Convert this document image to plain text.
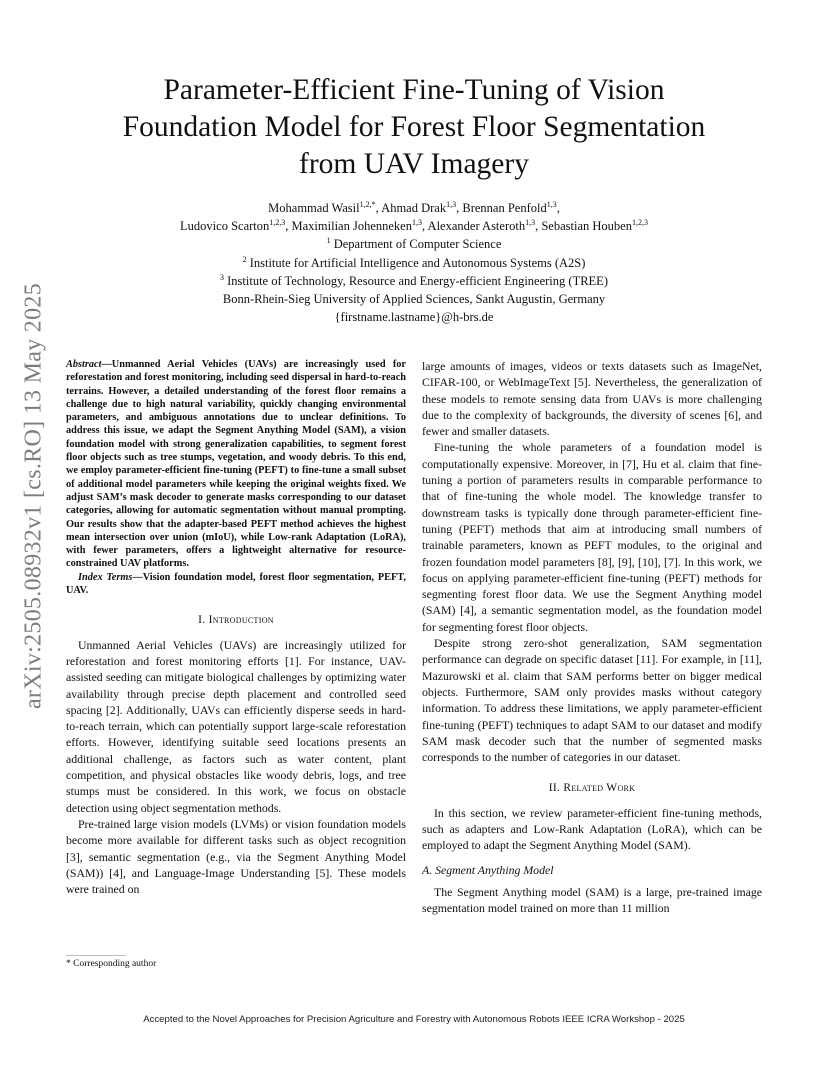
arXiv:2505.08932v1 [cs.RO] 13 May 2025
Parameter-Efficient Fine-Tuning of Vision
Foundation Model for Forest Floor Segmentation
from UAV Imagery
Mohammad Wasil$^{1,2,*}$, Ahmad Drak$^{1,3}$, Brennan Penfold$^{1,3}$,
Ludovico Scarton$^{1,2,3}$, Maximilian Johenneken$^{1,3}$, Alexander Asteroth$^{1,3}$, Sebastian Houben$^{1,2,3}$
$^1$ Department of Computer Science
$^2$ Institute for Artificial Intelligence and Autonomous Systems (A2S)
$^3$ Institute of Technology, Resource and Energy-efficient Engineering (TREE)
Bonn-Rhein-Sieg University of Applied Sciences, Sankt Augustin, Germany
{firstname.lastname}@h-brs.de

Abstract—Unmanned Aerial Vehicles (UAVs) are increasingly used for reforestation and forest monitoring, including seed dispersal in hard-to-reach terrains. However, a detailed understanding of the forest floor remains a challenge due to high natural variability, quickly changing environmental parameters, and ambiguous annotations due to unclear definitions. To address this issue, we adapt the Segment Anything Model (SAM), a vision foundation model with strong generalization capabilities, to segment forest floor objects such as tree stumps, vegetation, and woody debris. To this end, we employ parameter-efficient fine-tuning (PEFT) to fine-tune a small subset of additional model parameters while keeping the original weights fixed. We adjust SAM’s mask decoder to generate masks corresponding to our dataset categories, allowing for automatic segmentation without manual prompting. Our results show that the adapter-based PEFT method achieves the highest mean intersection over union (mIoU), while Low-rank Adaptation (LoRA), with fewer parameters, offers a lightweight alternative for resource-constrained UAV platforms.

Index Terms—Vision foundation model, forest floor segmentation, PEFT, UAV.

I. Introduction

Unmanned Aerial Vehicles (UAVs) are increasingly utilized for reforestation and forest monitoring efforts [1]. For instance, UAV-assisted seeding can mitigate biological challenges by optimizing water availability through precise depth placement and controlled seed spacing [2]. Additionally, UAVs can efficiently disperse seeds in hard-to-reach terrain, which can potentially support large-scale reforestation efforts. However, identifying suitable seed locations presents an additional challenge, as factors such as water content, plant competition, and physical obstacles like woody debris, logs, and tree stumps must be considered. In this work, we focus on obstacle detection using object segmentation methods.

Pre-trained large vision models (LVMs) or vision foundation models become more available for different tasks such as object recognition [3], semantic segmentation (e.g., via the Segment Anything Model (SAM)) [4], and Language-Image Understanding [5]. These models were trained on

* Corresponding author

large amounts of images, videos or texts datasets such as ImageNet, CIFAR-100, or WebImageText [5]. Nevertheless, the generalization of these models to remote sensing data from UAVs is more challenging due to the complexity of backgrounds, the diversity of scenes [6], and fewer and smaller datasets.

Fine-tuning the whole parameters of a foundation model is computationally expensive. Moreover, in [7], Hu et al. claim that fine-tuning a portion of parameters results in comparable performance to that of fine-tuning the whole model. The knowledge transfer to downstream tasks is typically done through parameter-efficient fine-tuning (PEFT) methods that aim at introducing small numbers of trainable parameters, known as PEFT modules, to the original and frozen foundation model parameters [8], [9], [10], [7]. In this work, we focus on applying parameter-efficient fine-tuning (PEFT) methods for segmenting forest floor data. We use the Segment Anything model (SAM) [4], a semantic segmentation model, as the foundation model for segmenting forest floor objects.

Despite strong zero-shot generalization, SAM segmentation performance can degrade on specific dataset [11]. For example, in [11], Mazurowski et al. claim that SAM performs better on bigger medical objects. Furthermore, SAM only provides masks without category information. To address these limitations, we apply parameter-efficient fine-tuning (PEFT) techniques to adapt SAM to our dataset and modify SAM mask decoder such that the number of segmented masks corresponds to the number of categories in our dataset.

II. Related Work

In this section, we review parameter-efficient fine-tuning methods, such as adapters and Low-Rank Adaptation (LoRA), which can be employed to adapt the Segment Anything Model (SAM).

A. Segment Anything Model

The Segment Anything model (SAM) is a large, pre-trained image segmentation model trained on more than 11 million

Accepted to the Novel Approaches for Precision Agriculture and Forestry with Autonomous Robots IEEE ICRA Workshop - 2025
